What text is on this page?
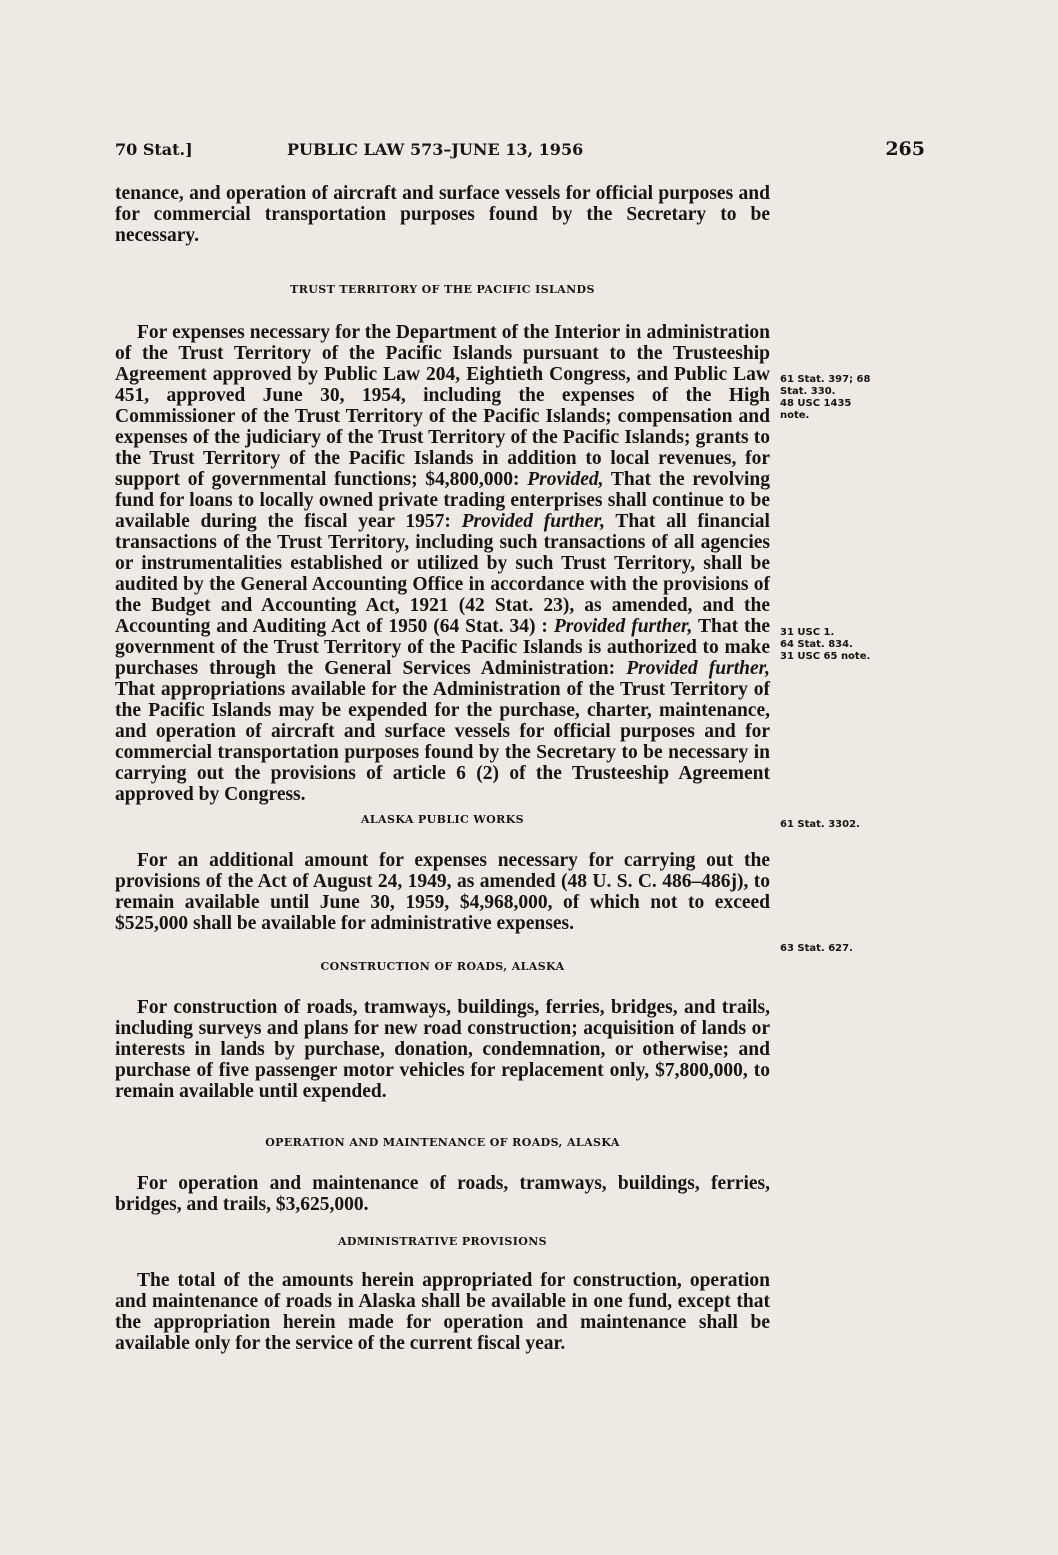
70 Stat.]	PUBLIC LAW 573–JUNE 13, 1956	265

tenance, and operation of aircraft and surface vessels for official purposes and for commercial transportation purposes found by the Secretary to be necessary.

TRUST TERRITORY OF THE PACIFIC ISLANDS

For expenses necessary for the Department of the Interior in administration of the Trust Territory of the Pacific Islands pursuant to the Trusteeship Agreement approved by Public Law 204, Eightieth Congress, and Public Law 451, approved June 30, 1954, including the expenses of the High Commissioner of the Trust Territory of the Pacific Islands; compensation and expenses of the judiciary of the Trust Territory of the Pacific Islands; grants to the Trust Territory of the Pacific Islands in addition to local revenues, for support of governmental functions; $4,800,000: Provided, That the revolving fund for loans to locally owned private trading enterprises shall continue to be available during the fiscal year 1957: Provided further, That all financial transactions of the Trust Territory, including such transactions of all agencies or instrumentalities established or utilized by such Trust Territory, shall be audited by the General Accounting Office in accordance with the provisions of the Budget and Accounting Act, 1921 (42 Stat. 23), as amended, and the Accounting and Auditing Act of 1950 (64 Stat. 34) : Provided further, That the government of the Trust Territory of the Pacific Islands is authorized to make purchases through the General Services Administration: Provided further, That appropriations available for the Administration of the Trust Territory of the Pacific Islands may be expended for the purchase, charter, maintenance, and operation of aircraft and surface vessels for official purposes and for commercial transportation purposes found by the Secretary to be necessary in carrying out the provisions of article 6 (2) of the Trusteeship Agreement approved by Congress.

ALASKA PUBLIC WORKS

For an additional amount for expenses necessary for carrying out the provisions of the Act of August 24, 1949, as amended (48 U. S. C. 486–486j), to remain available until June 30, 1959, $4,968,000, of which not to exceed $525,000 shall be available for administrative expenses.

CONSTRUCTION OF ROADS, ALASKA

For construction of roads, tramways, buildings, ferries, bridges, and trails, including surveys and plans for new road construction; acquisition of lands or interests in lands by purchase, donation, condemnation, or otherwise; and purchase of five passenger motor vehicles for replacement only, $7,800,000, to remain available until expended.

OPERATION AND MAINTENANCE OF ROADS, ALASKA

For operation and maintenance of roads, tramways, buildings, ferries, bridges, and trails, $3,625,000.

ADMINISTRATIVE PROVISIONS

The total of the amounts herein appropriated for construction, operation and maintenance of roads in Alaska shall be available in one fund, except that the appropriation herein made for operation and maintenance shall be available only for the service of the current fiscal year.

61 Stat. 397; 68
Stat. 330.
48 USC 1435
note.
31 USC 1.
64 Stat. 834.
31 USC 65 note.
61 Stat. 3302.
63 Stat. 627.
